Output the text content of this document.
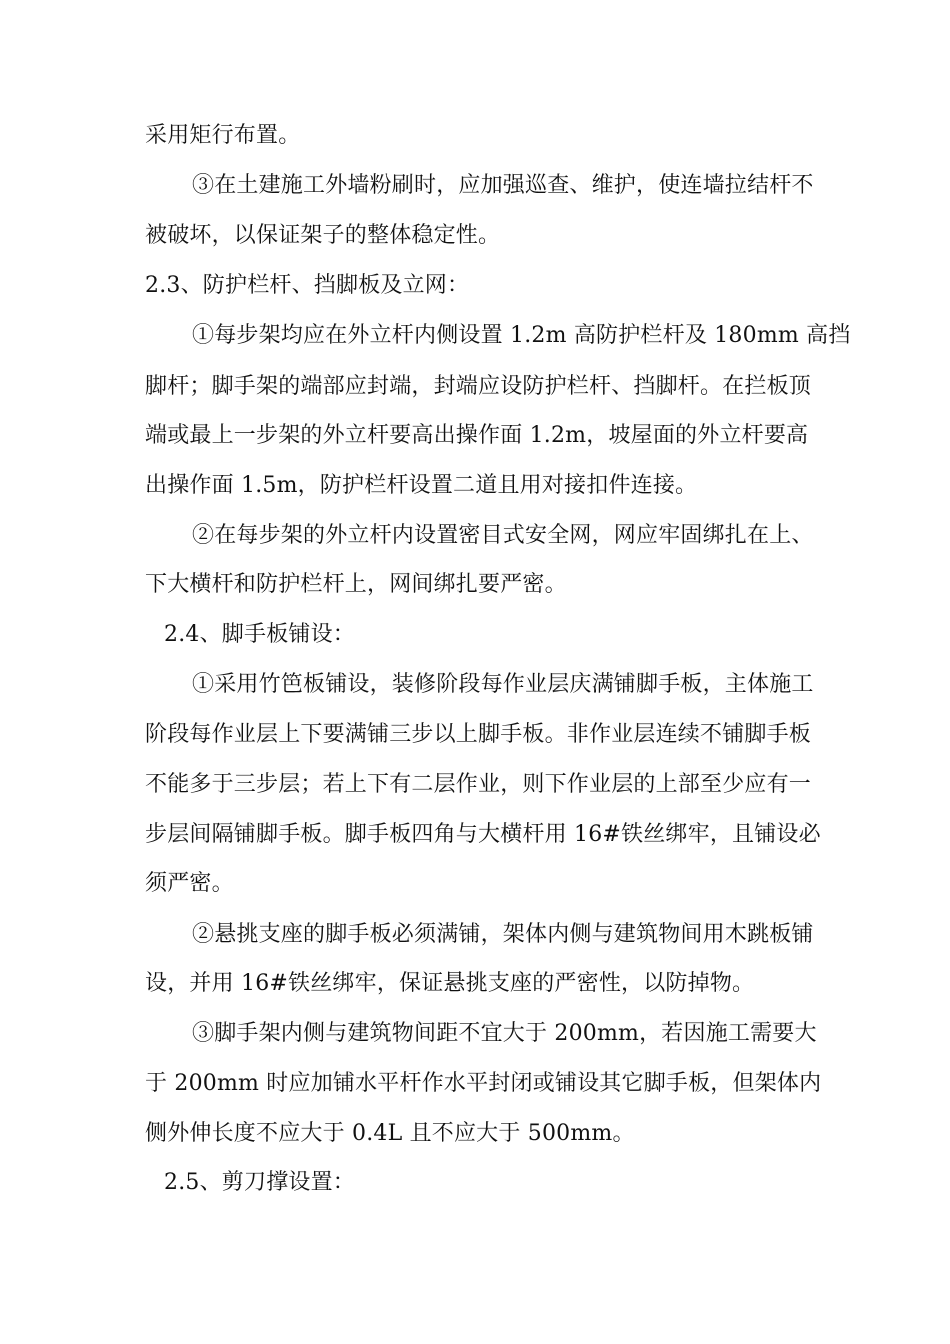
采用矩行布置。
③在土建施工外墙粉刷时，应加强巡查、维护，使连墙拉结杆不
被破坏，以保证架子的整体稳定性。
2.3、防护栏杆、挡脚板及立网：
①每步架均应在外立杆内侧设置 1.2m 高防护栏杆及 180mm 高挡
脚杆；脚手架的端部应封端，封端应设防护栏杆、挡脚杆。在拦板顶
端或最上一步架的外立杆要高出操作面 1.2m，坡屋面的外立杆要高
出操作面 1.5m，防护栏杆设置二道且用对接扣件连接。
②在每步架的外立杆内设置密目式安全网，网应牢固绑扎在上、
下大横杆和防护栏杆上，网间绑扎要严密。
2.4、脚手板铺设：
①采用竹笆板铺设，装修阶段每作业层庆满铺脚手板，主体施工
阶段每作业层上下要满铺三步以上脚手板。非作业层连续不铺脚手板
不能多于三步层；若上下有二层作业，则下作业层的上部至少应有一
步层间隔铺脚手板。脚手板四角与大横杆用 16#铁丝绑牢，且铺设必
须严密。
②悬挑支座的脚手板必须满铺，架体内侧与建筑物间用木跳板铺
设，并用 16#铁丝绑牢，保证悬挑支座的严密性，以防掉物。
③脚手架内侧与建筑物间距不宜大于 200mm，若因施工需要大
于 200mm 时应加铺水平杆作水平封闭或铺设其它脚手板，但架体内
侧外伸长度不应大于 0.4L 且不应大于 500mm。
2.5、剪刀撑设置：
